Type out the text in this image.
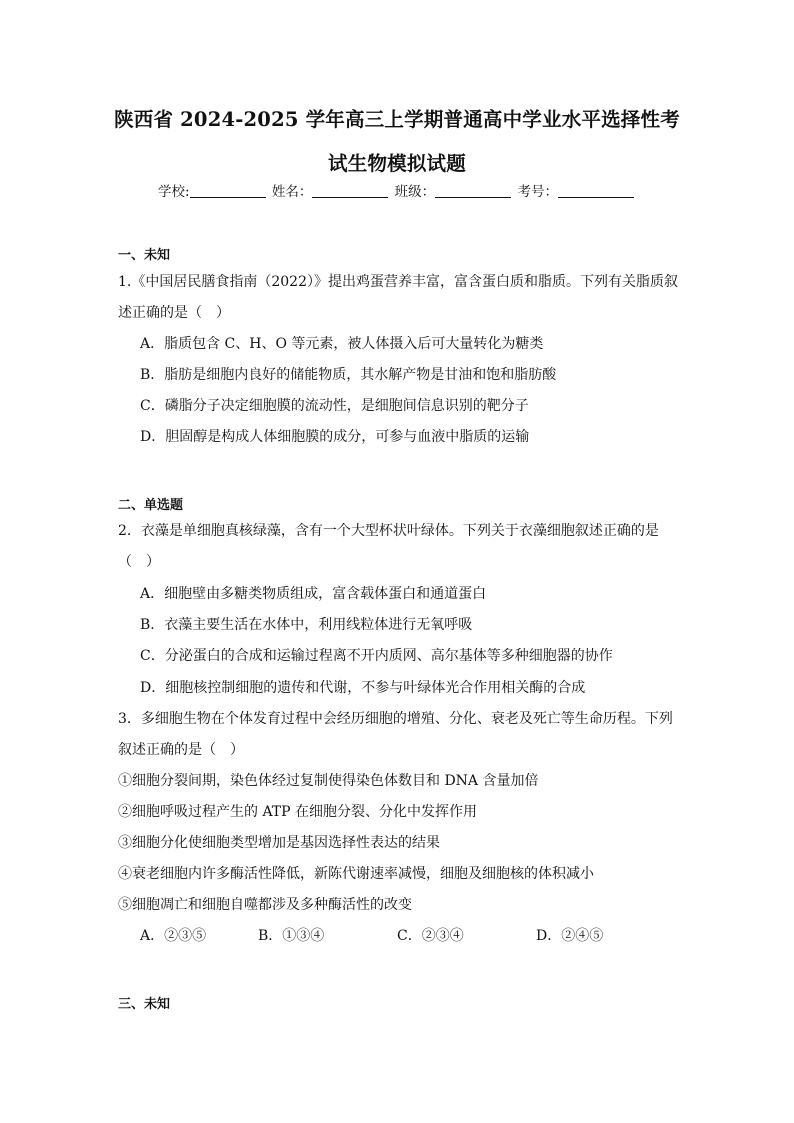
陕西省 2024-2025 学年高三上学期普通高中学业水平选择性考
试生物模拟试题
学校:	姓名：	班级：	考号：
一、未知
1.《中国居民膳食指南（2022）》提出鸡蛋营养丰富，富含蛋白质和脂质。下列有关脂质叙
述正确的是（　）
A．脂质包含 C、H、O 等元素，被人体摄入后可大量转化为糖类
B．脂肪是细胞内良好的储能物质，其水解产物是甘油和饱和脂肪酸
C．磷脂分子决定细胞膜的流动性，是细胞间信息识别的靶分子
D．胆固醇是构成人体细胞膜的成分，可参与血液中脂质的运输
二、单选题
2．衣藻是单细胞真核绿藻，含有一个大型杯状叶绿体。下列关于衣藻细胞叙述正确的是
（　）
A．细胞壁由多糖类物质组成，富含载体蛋白和通道蛋白
B．衣藻主要生活在水体中，利用线粒体进行无氧呼吸
C．分泌蛋白的合成和运输过程离不开内质网、高尔基体等多种细胞器的协作
D．细胞核控制细胞的遗传和代谢，不参与叶绿体光合作用相关酶的合成
3．多细胞生物在个体发育过程中会经历细胞的增殖、分化、衰老及死亡等生命历程。下列
叙述正确的是（　）
①细胞分裂间期，染色体经过复制使得染色体数目和 DNA 含量加倍
②细胞呼吸过程产生的 ATP 在细胞分裂、分化中发挥作用
③细胞分化使细胞类型增加是基因选择性表达的结果
④衰老细胞内许多酶活性降低，新陈代谢速率减慢，细胞及细胞核的体积减小
⑤细胞凋亡和细胞自噬都涉及多种酶活性的改变
A．②③⑤	B．①③④	C．②③④	D．②④⑤
三、未知
